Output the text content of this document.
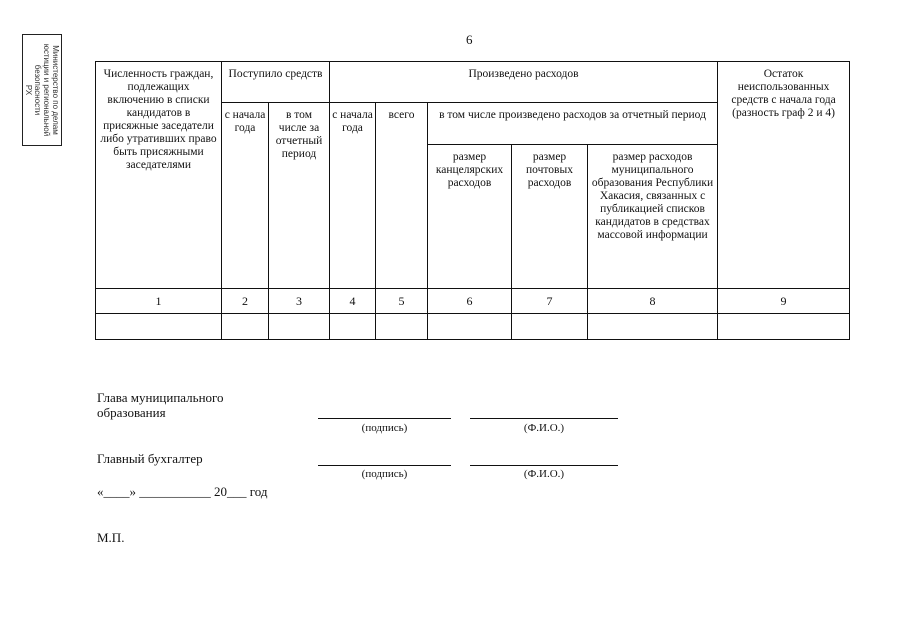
6
Министерство по делам
юстиции и региональной
безопасности
РХ
Численность граждан, подлежащих включению в списки кандидатов в присяжные заседатели либо утративших право быть присяжными заседателями	Поступило средств		Произведено расходов					Остаток неиспользованных средств с начала года (разность граф 2 и 4)
	с начала года	в том числе за отчетный период	с начала года	всего	в том числе произведено расходов за отчетный период			
					размер канцелярских расходов	размер почтовых расходов	размер расходов муниципального образования Республики Хакасия, связанных с публикацией списков кандидатов в средствах массовой информации	
1	2	3	4	5	6	7	8	9

Глава муниципального образования
(подпись)	(Ф.И.О.)
Главный бухгалтер
(подпись)	(Ф.И.О.)
«____» ___________ 20___ год
М.П.
